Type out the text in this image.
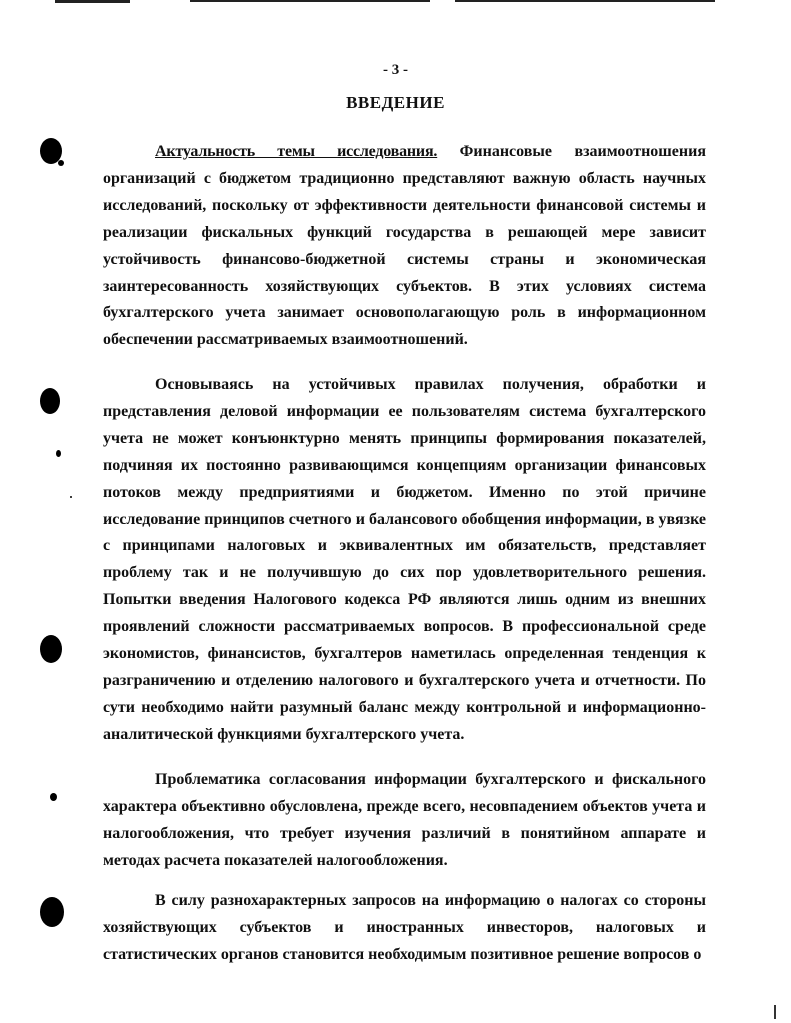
- 3 -
ВВЕДЕНИЕ

Актуальность темы исследования. Финансовые взаимоотношения организаций с бюджетом традиционно представляют важную область научных исследований, поскольку от эффективности деятельности финансовой системы и реализации фискальных функций государства в решающей мере зависит устойчивость финансово-бюджетной системы страны и экономическая заинтересованность хозяйствующих субъектов. В этих условиях система бухгалтерского учета занимает основополагающую роль в информационном обеспечении рассматриваемых взаимоотношений.

Основываясь на устойчивых правилах получения, обработки и представления деловой информации ее пользователям система бухгалтерского учета не может конъюнктурно менять принципы формирования показателей, подчиняя их постоянно развивающимся концепциям организации финансовых потоков между предприятиями и бюджетом. Именно по этой причине исследование принципов счетного и балансового обобщения информации, в увязке с принципами налоговых и эквивалентных им обязательств, представляет проблему так и не получившую до сих пор удовлетворительного решения. Попытки введения Налогового кодекса РФ являются лишь одним из внешних проявлений сложности рассматриваемых вопросов. В профессиональной среде экономистов, финансистов, бухгалтеров наметилась определенная тенденция к разграничению и отделению налогового и бухгалтерского учета и отчетности. По сути необходимо найти разумный баланс между контрольной и информационно-аналитической функциями бухгалтерского учета.

Проблематика согласования информации бухгалтерского и фискального характера объективно обусловлена, прежде всего, несовпадением объектов учета и налогообложения, что требует изучения различий в понятийном аппарате и методах расчета показателей налогообложения.

В силу разнохарактерных запросов на информацию о налогах со стороны хозяйствующих субъектов и иностранных инвесторов, налоговых и статистических органов становится необходимым позитивное решение вопросов о
